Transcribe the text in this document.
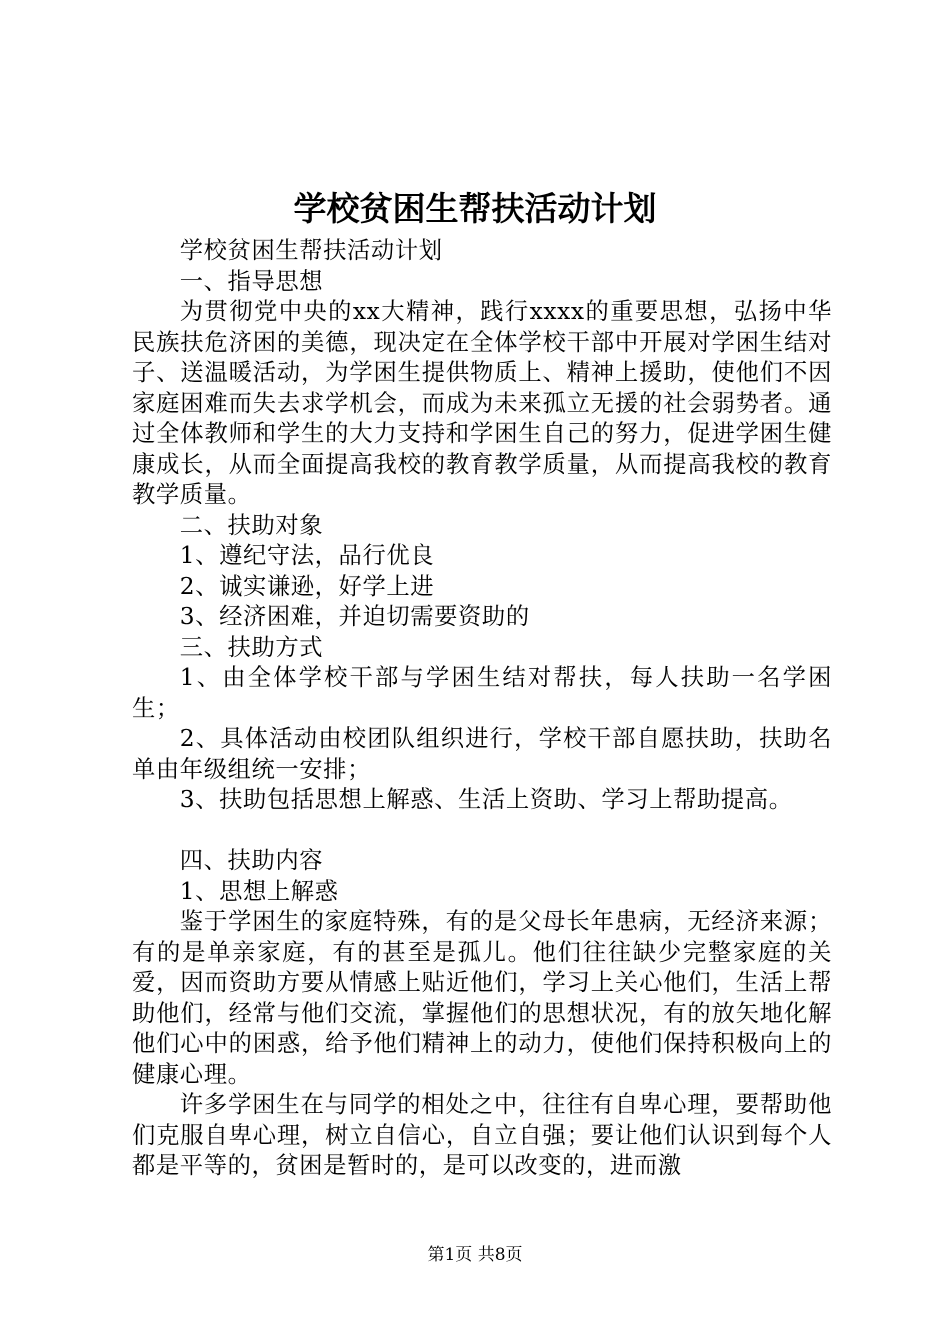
学校贫困生帮扶活动计划

学校贫困生帮扶活动计划

一、指导思想

为贯彻党中央的xx大精神，践行xxxx的重要思想，弘扬中华民族扶危济困的美德，现决定在全体学校干部中开展对学困生结对子、送温暖活动，为学困生提供物质上、精神上援助，使他们不因家庭困难而失去求学机会，而成为未来孤立无援的社会弱势者。通过全体教师和学生的大力支持和学困生自己的努力，促进学困生健康成长，从而全面提高我校的教育教学质量，从而提高我校的教育教学质量。

二、扶助对象

1、遵纪守法，品行优良

2、诚实谦逊，好学上进

3、经济困难，并迫切需要资助的

三、扶助方式

1、由全体学校干部与学困生结对帮扶，每人扶助一名学困生；

2、具体活动由校团队组织进行，学校干部自愿扶助，扶助名单由年级组统一安排；

3、扶助包括思想上解惑、生活上资助、学习上帮助提高。

四、扶助内容

1、思想上解惑

鉴于学困生的家庭特殊，有的是父母长年患病，无经济来源；有的是单亲家庭，有的甚至是孤儿。他们往往缺少完整家庭的关爱，因而资助方要从情感上贴近他们，学习上关心他们，生活上帮助他们，经常与他们交流，掌握他们的思想状况，有的放矢地化解他们心中的困惑，给予他们精神上的动力，使他们保持积极向上的健康心理。

许多学困生在与同学的相处之中，往往有自卑心理，要帮助他们克服自卑心理，树立自信心，自立自强；要让他们认识到每个人都是平等的，贫困是暂时的，是可以改变的，进而激

第1页 共8页
